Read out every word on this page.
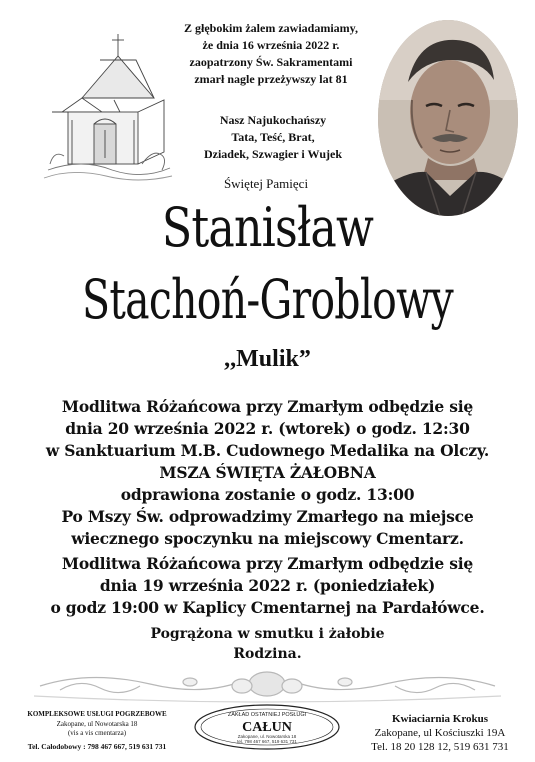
Z głębokim żalem zawiadamiamy,
że dnia 16 września 2022 r.
zaopatrzony Św. Sakramentami
zmarł nagle przeżywszy lat 81
Nasz Najukochańszy
Tata, Teść, Brat,
Dziadek, Szwagier i Wujek
Świętej Pamięci
Stanisław
Stachoń-Groblowy
,,Mulik”

Modlitwa Różańcowa przy Zmarłym odbędzie się

dnia 20 września 2022 r. (wtorek) o godz. 12:30

w Sanktuarium M.B. Cudownego Medalika na Olczy.

MSZA ŚWIĘTA ŻAŁOBNA

odprawiona zostanie o godz. 13:00

Po Mszy Św. odprowadzimy Zmarłego na miejsce

wiecznego spoczynku na miejscowy Cmentarz.

Modlitwa Różańcowa przy Zmarłym odbędzie się

dnia 19 września 2022 r. (poniedziałek)

o godz 19:00 w Kaplicy Cmentarnej na Pardałówce.

Pogrążona w smutku i żałobie

Rodzina.

KOMPLEKSOWE USŁUGI POGRZEBOWE
Zakopane, ul Nowotarska 18
(vis a vis cmentarza)
Tel. Całodobowy : 798 467 667, 519 631 731
ZAKŁAD OSTATNIEJ POSŁUGI
CAŁUN
Zakopane, ul. Nowotarska 18
tel. 798 467 667, 519 631 731
Kwiaciarnia Krokus
Zakopane, ul Kościuszki 19A
Tel. 18 20 128 12, 519 631 731
